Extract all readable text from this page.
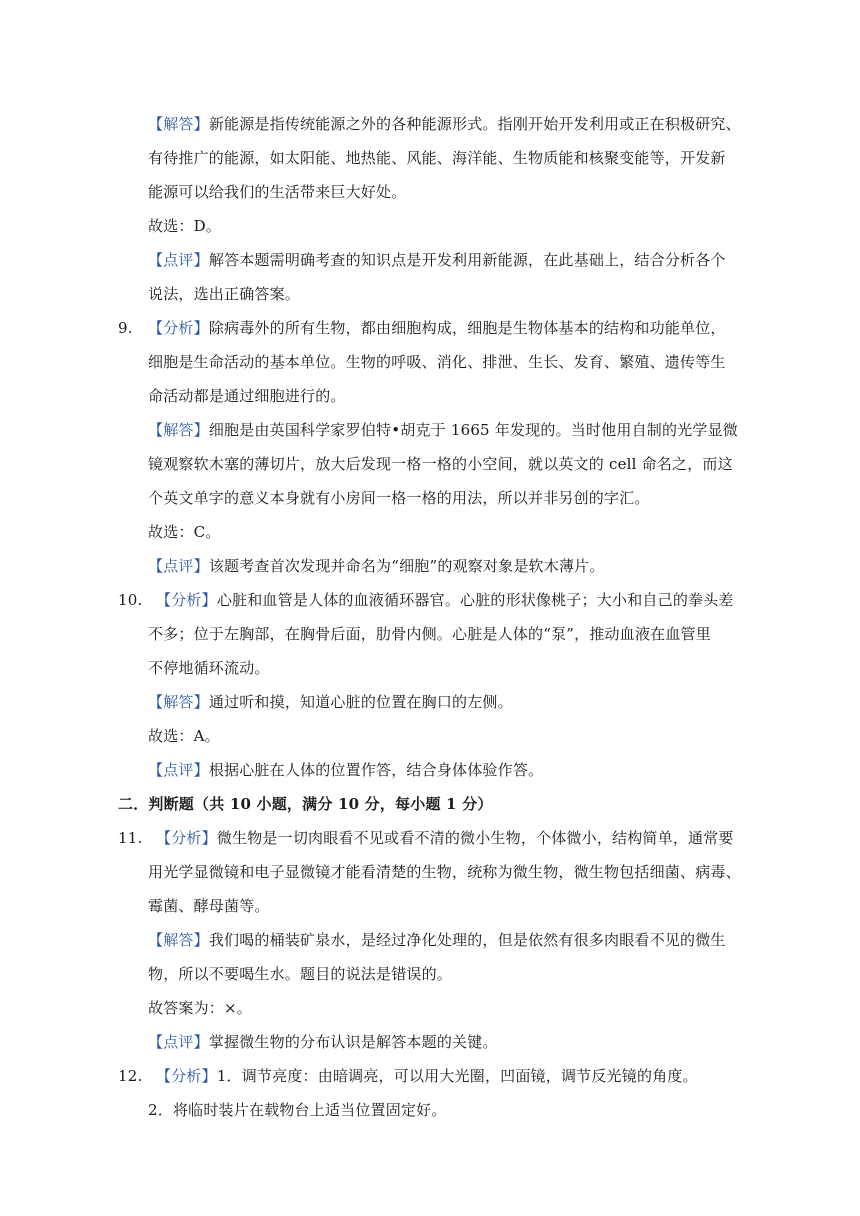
【解答】新能源是指传统能源之外的各种能源形式。指刚开始开发利用或正在积极研究、
有待推广的能源，如太阳能、地热能、风能、海洋能、生物质能和核聚变能等，开发新
能源可以给我们的生活带来巨大好处。
故选：D。
【点评】解答本题需明确考查的知识点是开发利用新能源，在此基础上，结合分析各个
说法，选出正确答案。
9. 【分析】除病毒外的所有生物，都由细胞构成，细胞是生物体基本的结构和功能单位，
细胞是生命活动的基本单位。生物的呼吸、消化、排泄、生长、发育、繁殖、遗传等生
命活动都是通过细胞进行的。
【解答】细胞是由英国科学家罗伯特•胡克于 1665 年发现的。当时他用自制的光学显微
镜观察软木塞的薄切片，放大后发现一格一格的小空间，就以英文的 cell 命名之，而这
个英文单字的意义本身就有小房间一格一格的用法，所以并非另创的字汇。
故选：C。
【点评】该题考查首次发现并命名为“细胞”的观察对象是软木薄片。
10. 【分析】心脏和血管是人体的血液循环器官。心脏的形状像桃子；大小和自己的拳头差
不多；位于左胸部，在胸骨后面，肋骨内侧。心脏是人体的“泵”，推动血液在血管里
不停地循环流动。
【解答】通过听和摸，知道心脏的位置在胸口的左侧。
故选：A。
【点评】根据心脏在人体的位置作答，结合身体体验作答。
二．判断题（共 10 小题，满分 10 分，每小题 1 分）
11. 【分析】微生物是一切肉眼看不见或看不清的微小生物，个体微小，结构简单，通常要
用光学显微镜和电子显微镜才能看清楚的生物，统称为微生物，微生物包括细菌、病毒、
霉菌、酵母菌等。
【解答】我们喝的桶装矿泉水，是经过净化处理的，但是依然有很多肉眼看不见的微生
物，所以不要喝生水。题目的说法是错误的。
故答案为：×。
【点评】掌握微生物的分布认识是解答本题的关键。
12. 【分析】1．调节亮度：由暗调亮，可以用大光圈，凹面镜，调节反光镜的角度。
2．将临时装片在载物台上适当位置固定好。
